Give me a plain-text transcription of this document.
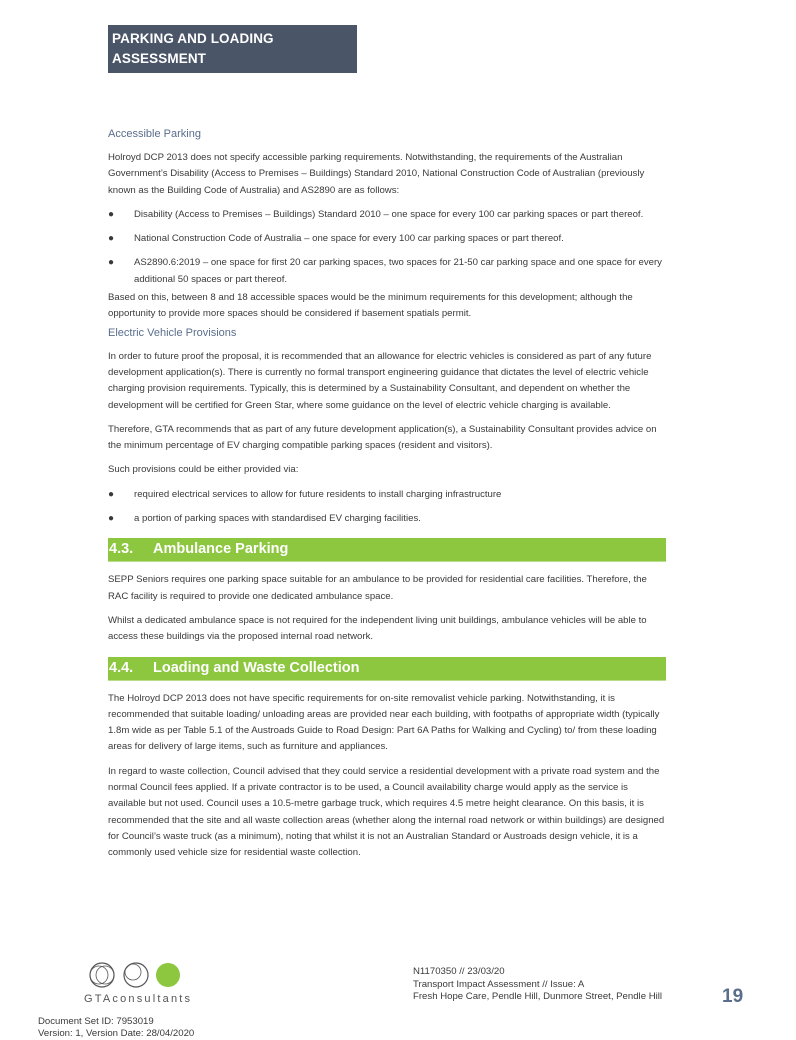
PARKING AND LOADING
ASSESSMENT
Accessible Parking

Holroyd DCP 2013 does not specify accessible parking requirements. Notwithstanding, the requirements of the Australian Government’s Disability (Access to Premises – Buildings) Standard 2010, National Construction Code of Australian (previously known as the Building Code of Australia) and AS2890 are as follows:

● Disability (Access to Premises – Buildings) Standard 2010 – one space for every 100 car parking spaces or part thereof.
● National Construction Code of Australia – one space for every 100 car parking spaces or part thereof.
● AS2890.6:2019 – one space for first 20 car parking spaces, two spaces for 21-50 car parking space and one space for every additional 50 spaces or part thereof.

Based on this, between 8 and 18 accessible spaces would be the minimum requirements for this development; although the opportunity to provide more spaces should be considered if basement spatials permit.

Electric Vehicle Provisions

In order to future proof the proposal, it is recommended that an allowance for electric vehicles is considered as part of any future development application(s). There is currently no formal transport engineering guidance that dictates the level of electric vehicle charging provision requirements. Typically, this is determined by a Sustainability Consultant, and dependent on whether the development will be certified for Green Star, where some guidance on the level of electric vehicle charging is available.

Therefore, GTA recommends that as part of any future development application(s), a Sustainability Consultant provides advice on the minimum percentage of EV charging compatible parking spaces (resident and visitors).

Such provisions could be either provided via:

● required electrical services to allow for future residents to install charging infrastructure
● a portion of parking spaces with standardised EV charging facilities.
4.3. Ambulance Parking

SEPP Seniors requires one parking space suitable for an ambulance to be provided for residential care facilities. Therefore, the RAC facility is required to provide one dedicated ambulance space.

Whilst a dedicated ambulance space is not required for the independent living unit buildings, ambulance vehicles will be able to access these buildings via the proposed internal road network.

4.4. Loading and Waste Collection

The Holroyd DCP 2013 does not have specific requirements for on-site removalist vehicle parking. Notwithstanding, it is recommended that suitable loading/ unloading areas are provided near each building, with footpaths of appropriate width (typically 1.8m wide as per Table 5.1 of the Austroads Guide to Road Design: Part 6A Paths for Walking and Cycling) to/ from these loading areas for delivery of large items, such as furniture and appliances.

In regard to waste collection, Council advised that they could service a residential development with a private road system and the normal Council fees applied. If a private contractor is to be used, a Council availability charge would apply as the service is available but not used. Council uses a 10.5-metre garbage truck, which requires 4.5 metre height clearance. On this basis, it is recommended that the site and all waste collection areas (whether along the internal road network or within buildings) are designed for Council’s waste truck (as a minimum), noting that whilst it is not an Australian Standard or Austroads design vehicle, it is a commonly used vehicle size for residential waste collection.

GTAconsultants
N1170350 // 23/03/20
Transport Impact Assessment // Issue: A
Fresh Hope Care, Pendle Hill, Dunmore Street, Pendle Hill	19
Document Set ID: 7953019
Version: 1, Version Date: 28/04/2020
